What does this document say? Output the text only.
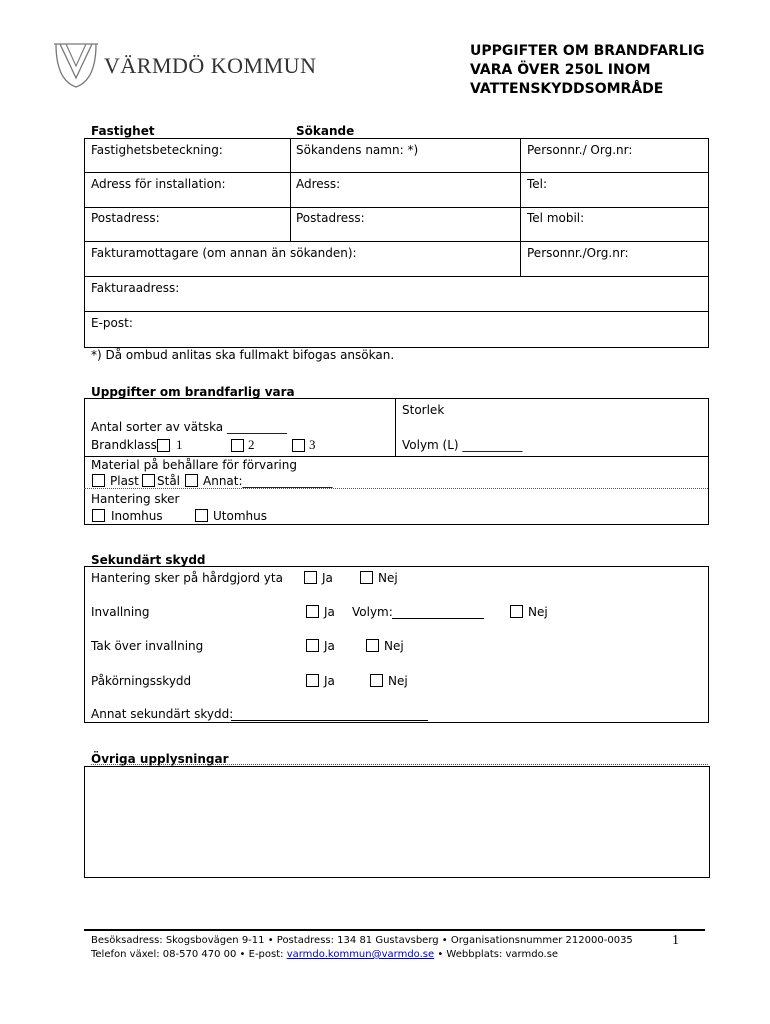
VÄRMDÖ KOMMUN
UPPGIFTER OM BRANDFARLIG
VARA ÖVER 250L INOM
VATTENSKYDDSOMRÅDE
Fastighet	Sökande
Fastighetsbeteckning:	Sökandens namn: *)	Personnr./ Org.nr:
Adress för installation:	Adress:	Tel:
Postadress:	Postadress:	Tel mobil:
Fakturamottagare (om annan än sökanden):	Personnr./Org.nr:
Fakturaadress:
E-post:
*) Då ombud anlitas ska fullmakt bifogas ansökan.
Uppgifter om brandfarlig vara
Storlek
Antal sorter av vätska __________
Brandklass 1	2	3	Volym (L) __________
Material på behållare för förvaring
Plast Stål Annat:_______________
Hantering sker
Inomhus	Utomhus
Sekundärt skydd
Hantering sker på hårdgjord yta	Ja	Nej
Invallning	Ja Volym:	Nej
Tak över invallning	Ja	Nej
Påkörningsskydd	Ja	Nej
Annat sekundärt skydd:
Övriga upplysningar
Besöksadress: Skogsbovägen 9-11 • Postadress: 134 81 Gustavsberg • Organisationsnummer 212000-0035
Telefon växel: 08-570 470 00 • E-post: varmdo.kommun@varmdo.se • Webbplats: varmdo.se
1
